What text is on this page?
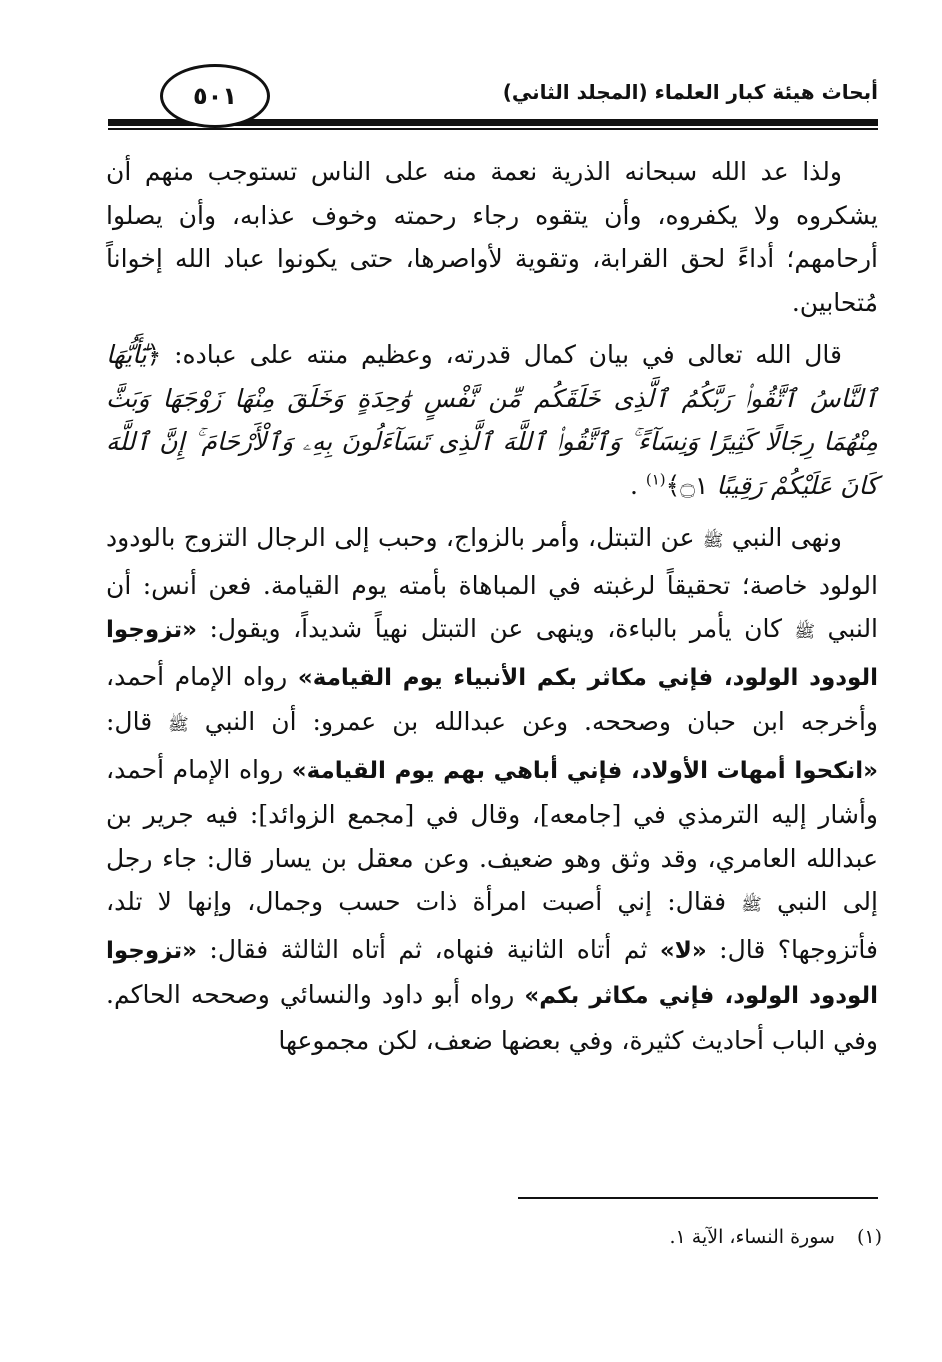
أبحاث هيئة كبار العلماء (المجلد الثاني)
٥٠١

ولذا عد الله سبحانه الذرية نعمة منه على الناس تستوجب منهم أن يشكروه ولا يكفروه، وأن يتقوه رجاء رحمته وخوف عذابه، وأن يصلوا أرحامهم؛ أداءً لحق القرابة، وتقوية لأواصرها، حتى يكونوا عباد الله إخواناً مُتحابين.

قال الله تعالى في بيان كمال قدرته، وعظيم منته على عباده: ﴿يَٰٓأَيُّهَا ٱلنَّاسُ ٱتَّقُوا۟ رَبَّكُمُ ٱلَّذِى خَلَقَكُم مِّن نَّفْسٍ وَٰحِدَةٍ وَخَلَقَ مِنْهَا زَوْجَهَا وَبَثَّ مِنْهُمَا رِجَالًا كَثِيرًا وَنِسَآءً ۚ وَٱتَّقُوا۟ ٱللَّهَ ٱلَّذِى تَسَآءَلُونَ بِهِۦ وَٱلْأَرْحَامَ ۚ إِنَّ ٱللَّهَ كَانَ عَلَيْكُمْ رَقِيبًا ۝١﴾$^{(١)}$ .

ونهى النبي ﷺ عن التبتل، وأمر بالزواج، وحبب إلى الرجال التزوج بالودود الولود خاصة؛ تحقيقاً لرغبته في المباهاة بأمته يوم القيامة. فعن أنس: أن النبي ﷺ كان يأمر بالباءة، وينهى عن التبتل نهياً شديداً، ويقول: «تزوجوا الودود الولود، فإني مكاثر بكم الأنبياء يوم القيامة» رواه الإمام أحمد، وأخرجه ابن حبان وصححه. وعن عبدالله بن عمرو: أن النبي ﷺ قال: «انكحوا أمهات الأولاد، فإني أباهي بهم يوم القيامة» رواه الإمام أحمد، وأشار إليه الترمذي في [جامعه]، وقال في [مجمع الزوائد]: فيه جرير بن عبدالله العامري، وقد وثق وهو ضعيف. وعن معقل بن يسار قال: جاء رجل إلى النبي ﷺ فقال: إني أصبت امرأة ذات حسب وجمال، وإنها لا تلد، فأتزوجها؟ قال: «لا» ثم أتاه الثانية فنهاه، ثم أتاه الثالثة فقال: «تزوجوا الودود الولود، فإني مكاثر بكم» رواه أبو داود والنسائي وصححه الحاكم. وفي الباب أحاديث كثيرة، وفي بعضها ضعف، لكن مجموعها

(١)سورة النساء، الآية ١.
